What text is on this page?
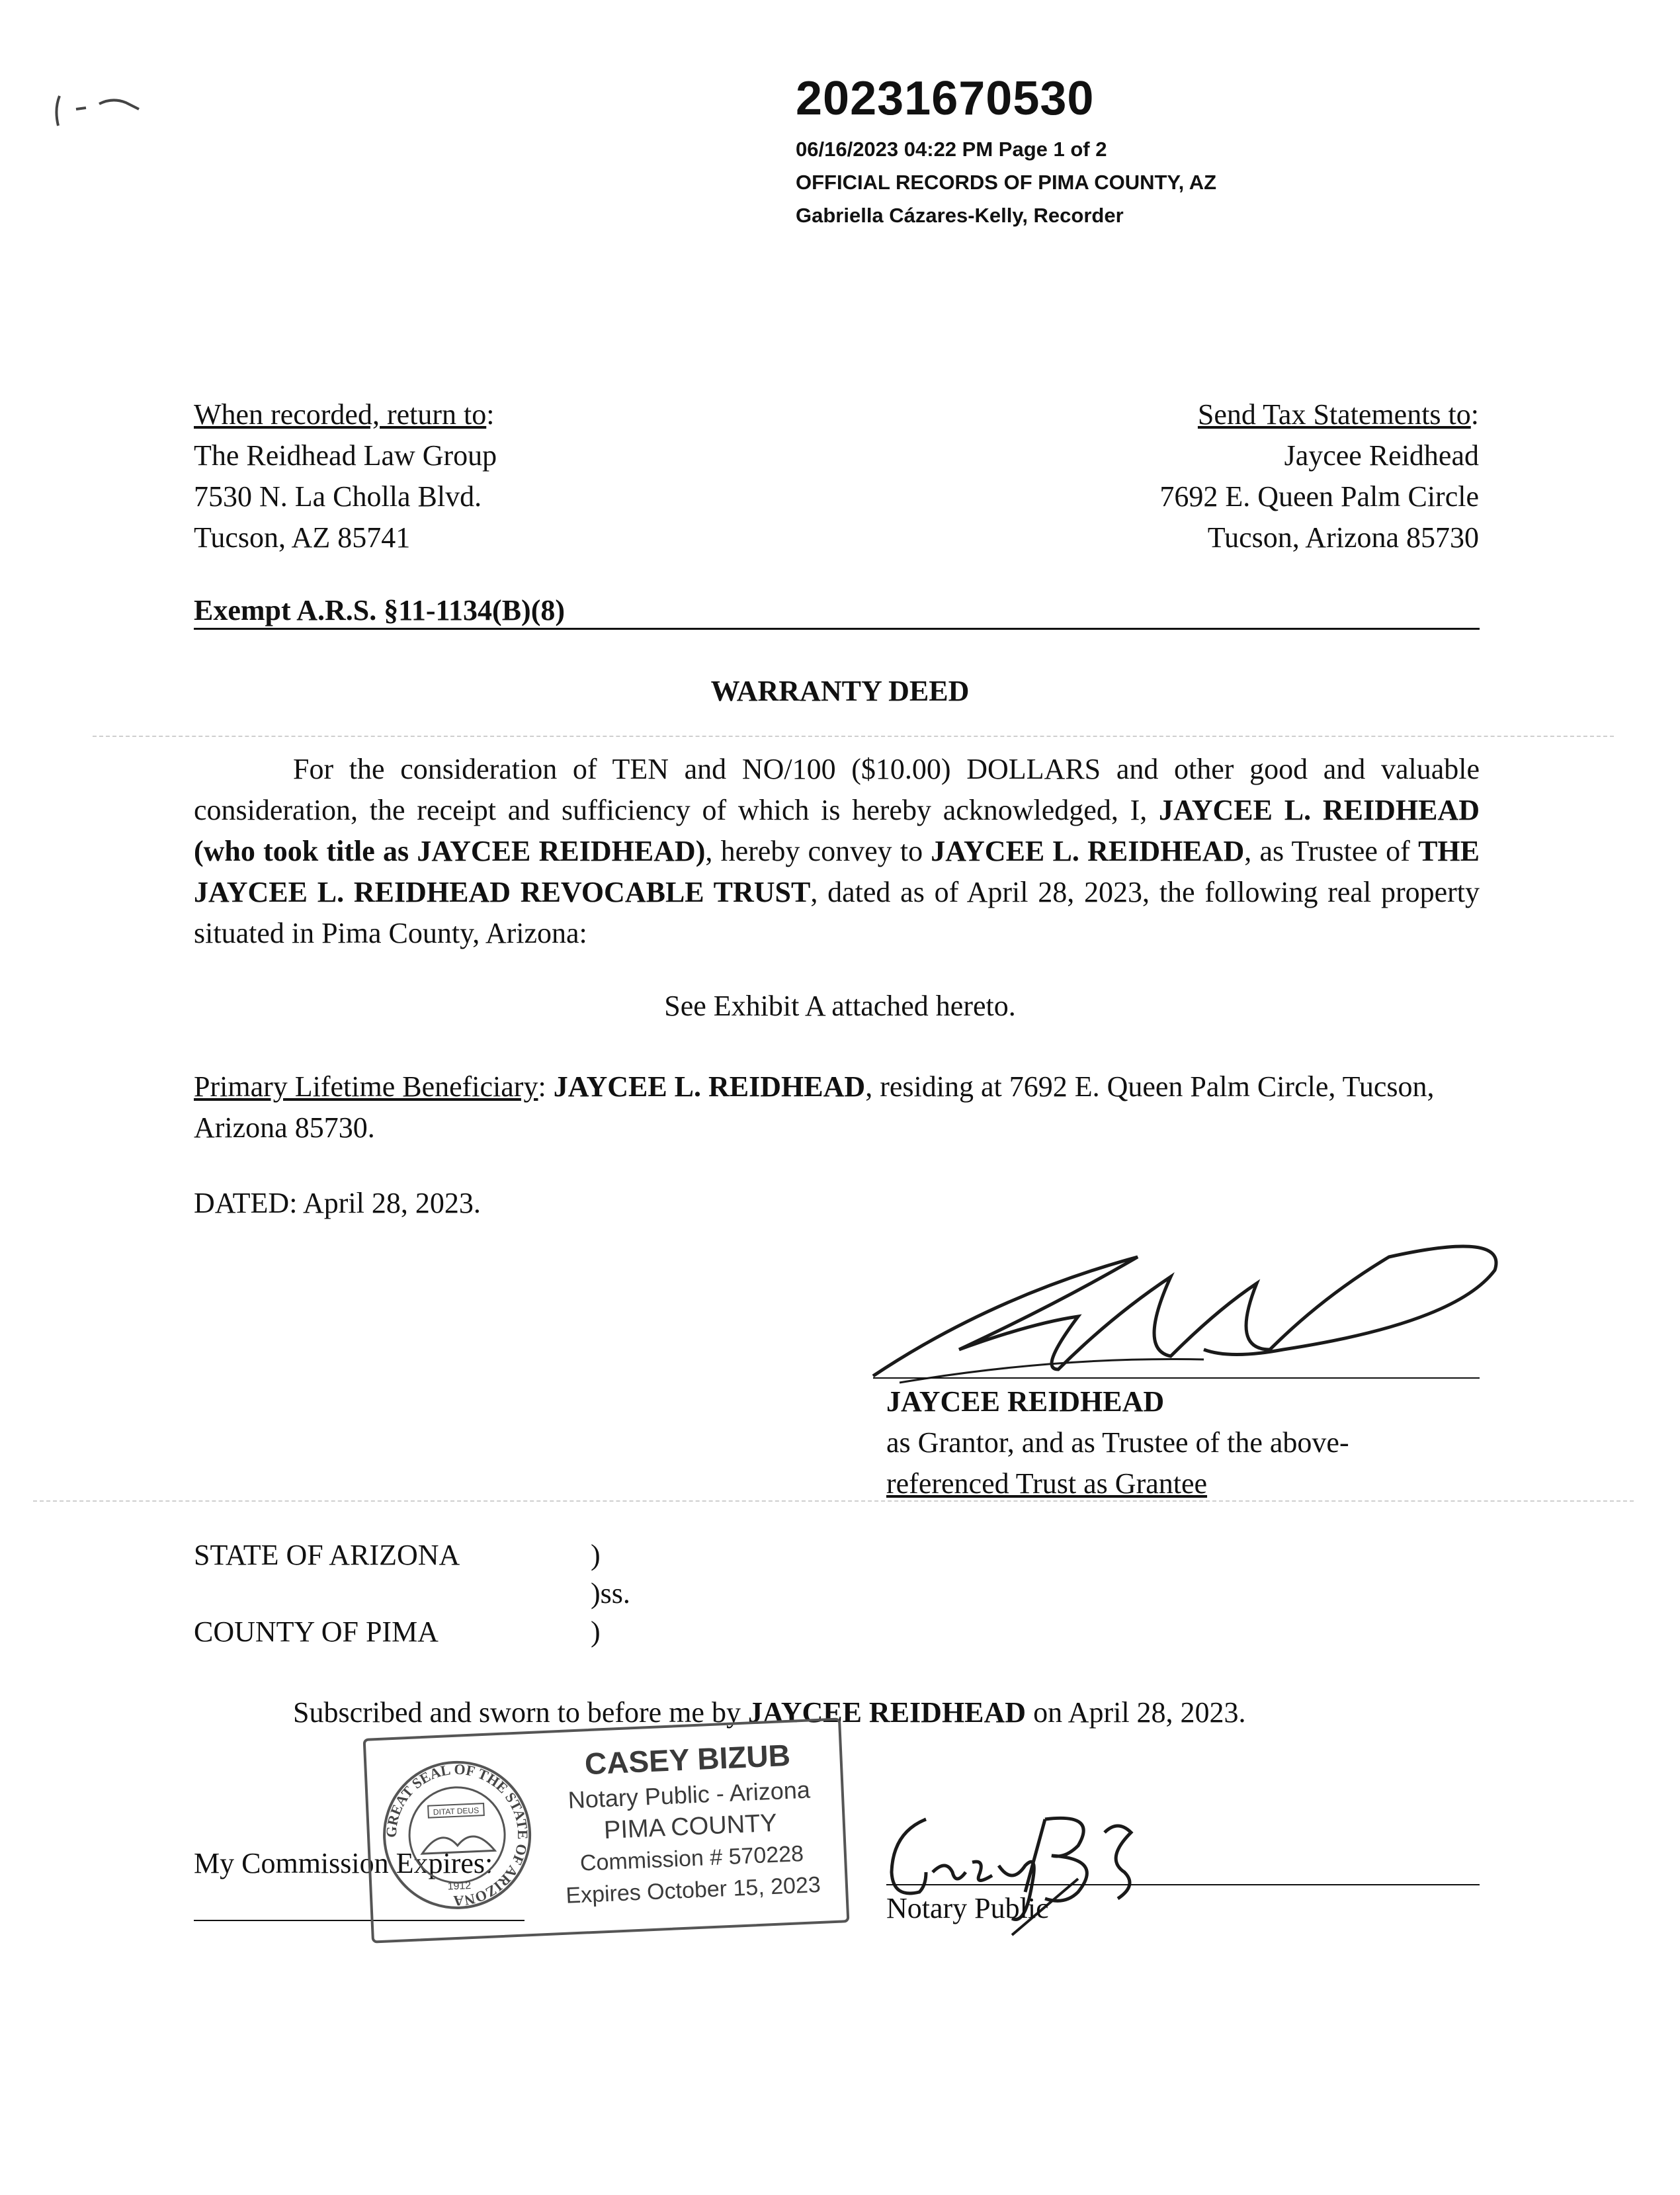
20231670530
06/16/2023 04:22 PM Page 1 of 2
OFFICIAL RECORDS OF PIMA COUNTY, AZ
Gabriella Cázares-Kelly, Recorder
When recorded, return to:
The Reidhead Law Group
7530 N. La Cholla Blvd.
Tucson, AZ 85741
Send Tax Statements to:
Jaycee Reidhead
7692 E. Queen Palm Circle
Tucson, Arizona 85730
Exempt A.R.S. §11-1134(B)(8)
WARRANTY DEED
For the consideration of TEN and NO/100 ($10.00) DOLLARS and other good and valuable consideration, the receipt and sufficiency of which is hereby acknowledged, I, JAYCEE L. REIDHEAD (who took title as JAYCEE REIDHEAD), hereby convey to JAYCEE L. REIDHEAD, as Trustee of THE JAYCEE L. REIDHEAD REVOCABLE TRUST, dated as of April 28, 2023, the following real property situated in Pima County, Arizona:
See Exhibit A attached hereto.
Primary Lifetime Beneficiary: JAYCEE L. REIDHEAD, residing at 7692 E. Queen Palm Circle, Tucson, Arizona 85730.
DATED: April 28, 2023.
JAYCEE REIDHEAD
as Grantor, and as Trustee of the above-
referenced Trust as Grantee
STATE OF ARIZONA	)
)ss.
COUNTY OF PIMA	)
Subscribed and sworn to before me by JAYCEE REIDHEAD on April 28, 2023.
My Commission Expires:
GREAT SEAL OF THE STATE OF ARIZONA
DITAT DEUS
1912
CASEY BIZUB
Notary Public - Arizona
PIMA COUNTY
Commission # 570228
Expires October 15, 2023	Notary Public
